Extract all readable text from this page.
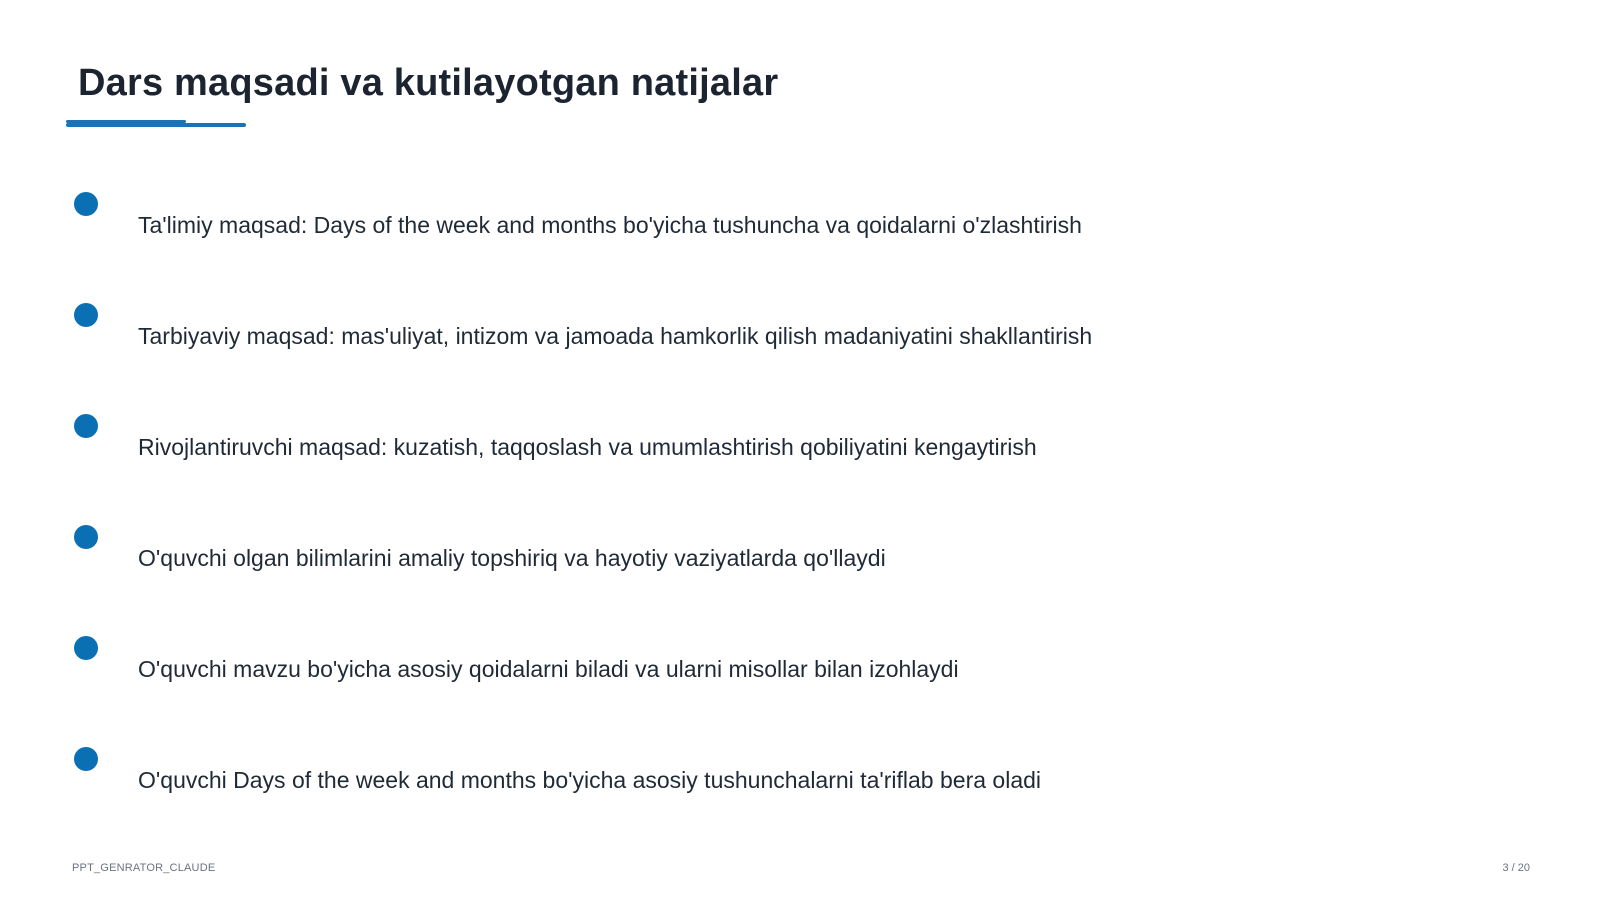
Dars maqsadi va kutilayotgan natijalar
Ta'limiy maqsad: Days of the week and months bo'yicha tushuncha va qoidalarni o'zlashtirish
Tarbiyaviy maqsad: mas'uliyat, intizom va jamoada hamkorlik qilish madaniyatini shakllantirish
Rivojlantiruvchi maqsad: kuzatish, taqqoslash va umumlashtirish qobiliyatini kengaytirish
O'quvchi olgan bilimlarini amaliy topshiriq va hayotiy vaziyatlarda qo'llaydi
O'quvchi mavzu bo'yicha asosiy qoidalarni biladi va ularni misollar bilan izohlaydi
O'quvchi Days of the week and months bo'yicha asosiy tushunchalarni ta'riflab bera oladi
PPT_GENRATOR_CLAUDE	3 / 20
